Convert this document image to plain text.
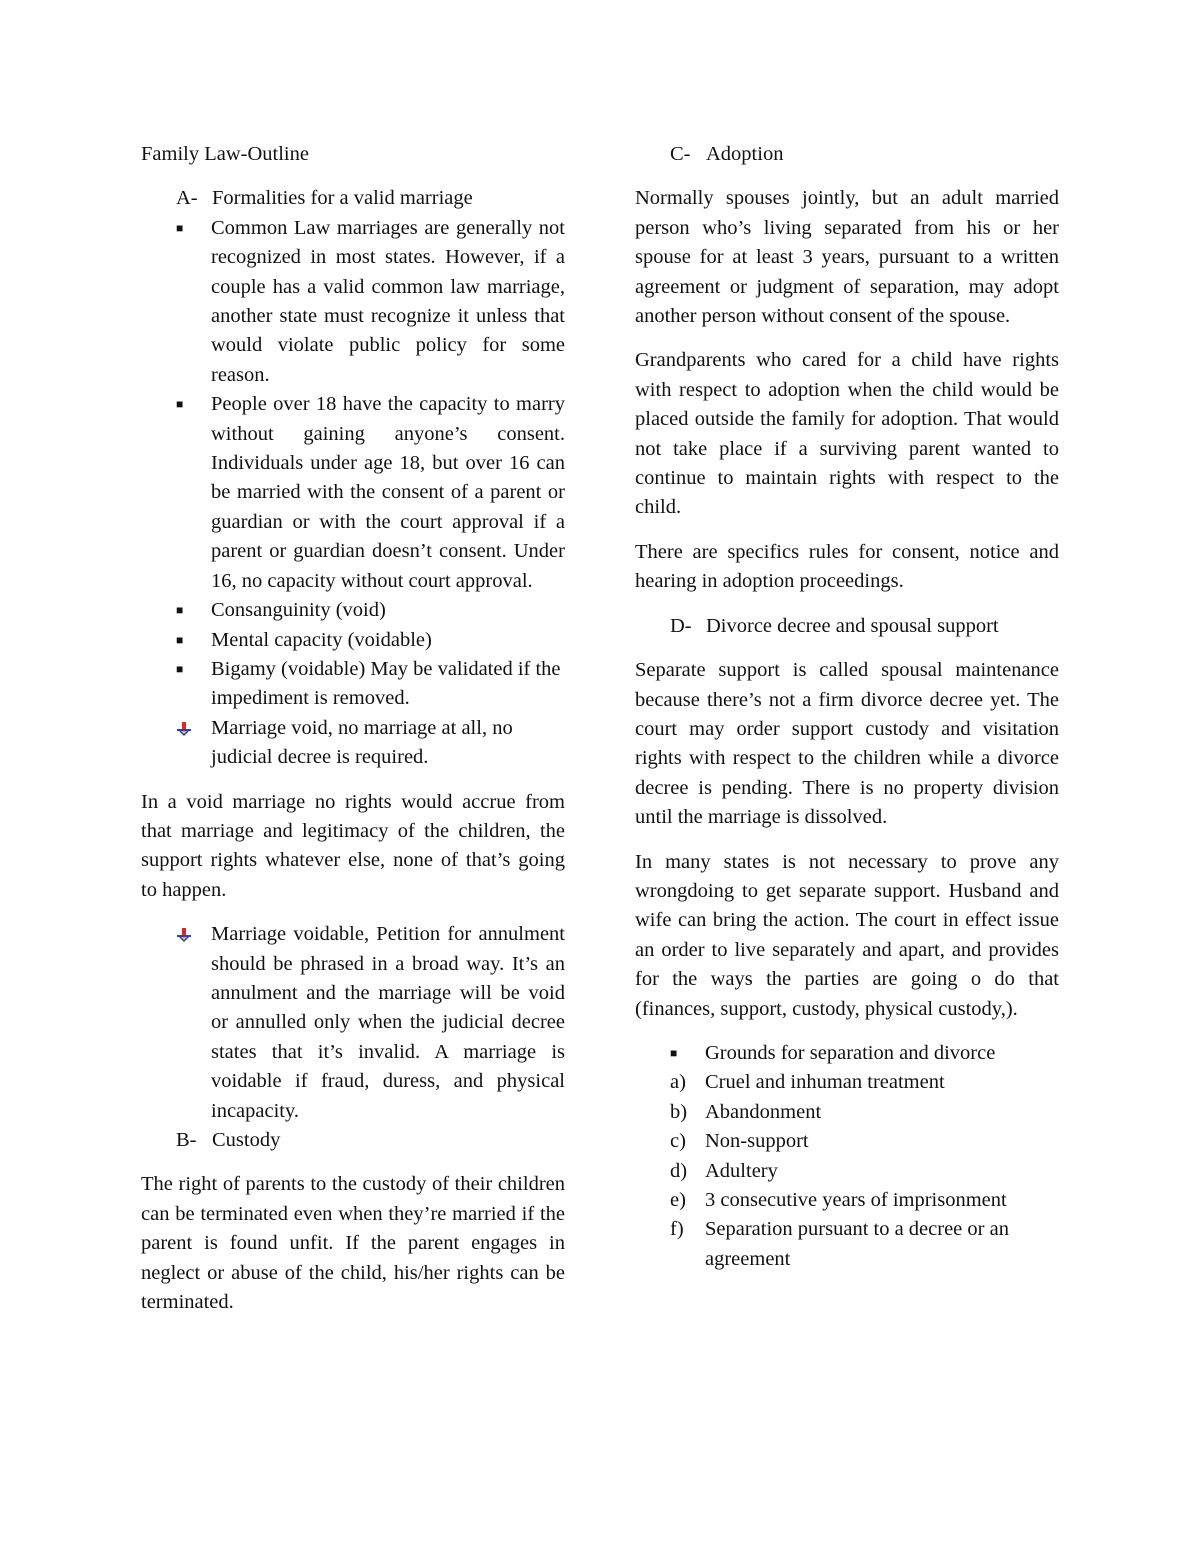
Family Law-Outline

A- Formalities for a valid marriage
■	Common Law marriages are generally not recognized in most states. However, if a couple has a valid common law marriage, another state must recognize it unless that would violate public policy for some reason.
■	People over 18 have the capacity to marry without gaining anyone’s consent. Individuals under age 18, but over 16 can be married with the consent of a parent or guardian or with the court approval if a parent or guardian doesn’t consent. Under 16, no capacity without court approval.
■	Consanguinity (void)
■	Mental capacity (voidable)
■	Bigamy (voidable) May be validated if the impediment is removed.
Marriage void, no marriage at all, no judicial decree is required.

In a void marriage no rights would accrue from that marriage and legitimacy of the children, the support rights whatever else, none of that’s going to happen.

Marriage voidable, Petition for annulment should be phrased in a broad way. It’s an annulment and the marriage will be void or annulled only when the judicial decree states that it’s invalid. A marriage is voidable if fraud, duress, and physical incapacity.
B- Custody

The right of parents to the custody of their children can be terminated even when they’re married if the parent is found unfit. If the parent engages in neglect or abuse of the child, his/her rights can be terminated.

C- Adoption

Normally spouses jointly, but an adult married person who’s living separated from his or her spouse for at least 3 years, pursuant to a written agreement or judgment of separation, may adopt another person without consent of the spouse.

Grandparents who cared for a child have rights with respect to adoption when the child would be placed outside the family for adoption. That would not take place if a surviving parent wanted to continue to maintain rights with respect to the child.

There are specifics rules for consent, notice and hearing in adoption proceedings.

D- Divorce decree and spousal support

Separate support is called spousal maintenance because there’s not a firm divorce decree yet. The court may order support custody and visitation rights with respect to the children while a divorce decree is pending. There is no property division until the marriage is dissolved.

In many states is not necessary to prove any wrongdoing to get separate support. Husband and wife can bring the action. The court in effect issue an order to live separately and apart, and provides for the ways the parties are going o do that (finances, support, custody, physical custody,).

■	Grounds for separation and divorce
a) Cruel and inhuman treatment
b) Abandonment
c) Non-support
d) Adultery
e) 3 consecutive years of imprisonment
f)	Separation pursuant to a decree or an agreement
